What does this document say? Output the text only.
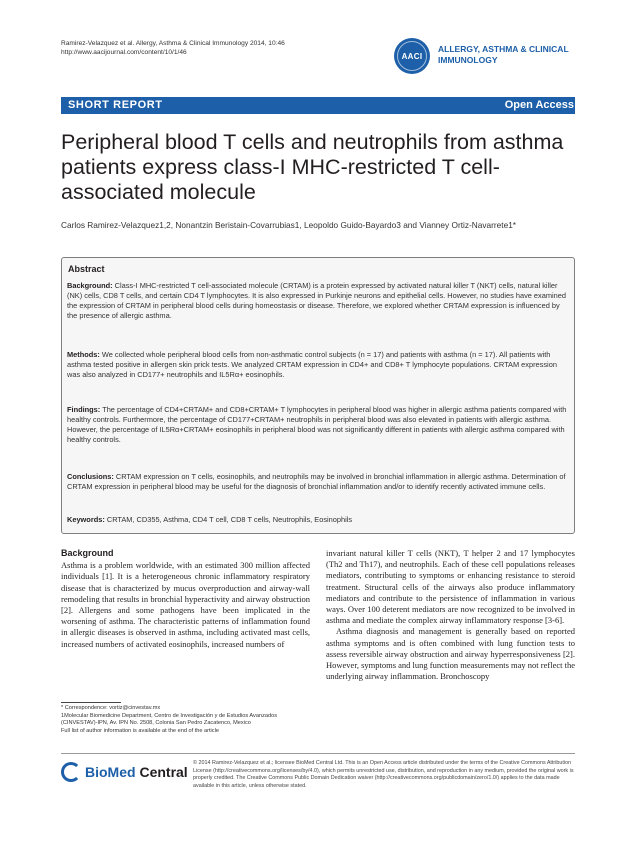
Ramirez-Velazquez et al. Allergy, Asthma & Clinical Immunology 2014, 10:46
http://www.aacijournal.com/content/10/1/46	AACI
ALLERGY, ASTHMA & CLINICAL
IMMUNOLOGY
SHORT REPORT	Open Access
Peripheral blood T cells and neutrophils from asthma patients express class-I MHC-restricted T cell-associated molecule
Carlos Ramirez-Velazquez1,2, Nonantzin Beristain-Covarrubias1, Leopoldo Guido-Bayardo3 and Vianney Ortiz-Navarrete1*
Abstract
Background: Class-I MHC-restricted T cell-associated molecule (CRTAM) is a protein expressed by activated natural killer T (NKT) cells, natural killer (NK) cells, CD8 T cells, and certain CD4 T lymphocytes. It is also expressed in Purkinje neurons and epithelial cells. However, no studies have examined the expression of CRTAM in peripheral blood cells during homeostasis or disease. Therefore, we explored whether CRTAM expression is influenced by the presence of allergic asthma.
Methods: We collected whole peripheral blood cells from non-asthmatic control subjects (n = 17) and patients with asthma (n = 17). All patients with asthma tested positive in allergen skin prick tests. We analyzed CRTAM expression in CD4+ and CD8+ T lymphocyte populations. CRTAM expression was also analyzed in CD177+ neutrophils and IL5Rα+ eosinophils.
Findings: The percentage of CD4+CRTAM+ and CD8+CRTAM+ T lymphocytes in peripheral blood was higher in allergic asthma patients compared with healthy controls. Furthermore, the percentage of CD177+CRTAM+ neutrophils in peripheral blood was also elevated in patients with allergic asthma. However, the percentage of IL5Rα+CRTAM+ eosinophils in peripheral blood was not significantly different in patients with allergic asthma compared with healthy controls.
Conclusions: CRTAM expression on T cells, eosinophils, and neutrophils may be involved in bronchial inflammation in allergic asthma. Determination of CRTAM expression in peripheral blood may be useful for the diagnosis of bronchial inflammation and/or to identify recently activated immune cells.
Keywords: CRTAM, CD355, Asthma, CD4 T cell, CD8 T cells, Neutrophils, Eosinophils
Background

Asthma is a problem worldwide, with an estimated 300 million affected individuals [1]. It is a heterogeneous chronic inflammatory respiratory disease that is characterized by mucus overproduction and airway-wall remodeling that results in bronchial hyperactivity and airway obstruction [2]. Allergens and some pathogens have been implicated in the worsening of asthma. The characteristic patterns of inflammation found in allergic diseases is observed in asthma, including activated mast cells, increased numbers of activated eosinophils, increased numbers of

invariant natural killer T cells (NKT), T helper 2 and 17 lymphocytes (Th2 and Th17), and neutrophils. Each of these cell populations releases mediators, contributing to symptoms or enhancing resistance to steroid treatment. Structural cells of the airways also produce inflammatory mediators and contribute to the persistence of inflammation in various ways. Over 100 deterent mediators are now recognized to be involved in asthma and mediate the complex airway inflammatory response [3-6].

Asthma diagnosis and management is generally based on reported asthma symptoms and is often combined with lung function tests to assess reversible airway obstruction and airway hyperresponsiveness [2]. However, symptoms and lung function measurements may not reflect the underlying airway inflammation. Bronchoscopy

* Correspondence: vortiz@cinvestav.mx
1Molecular Biomedicine Department, Centro de Investigación y de Estudios Avanzados (CINVESTAV)-IPN, Av. IPN No. 2508, Colonia San Pedro Zacatenco, Mexico
Full list of author information is available at the end of the article
BioMed Central
© 2014 Ramirez-Velazquez et al.; licensee BioMed Central Ltd. This is an Open Access article distributed under the terms of the Creative Commons Attribution License (http://creativecommons.org/licenses/by/4.0), which permits unrestricted use, distribution, and reproduction in any medium, provided the original work is properly credited. The Creative Commons Public Domain Dedication waiver (http://creativecommons.org/publicdomain/zero/1.0/) applies to the data made available in this article, unless otherwise stated.
